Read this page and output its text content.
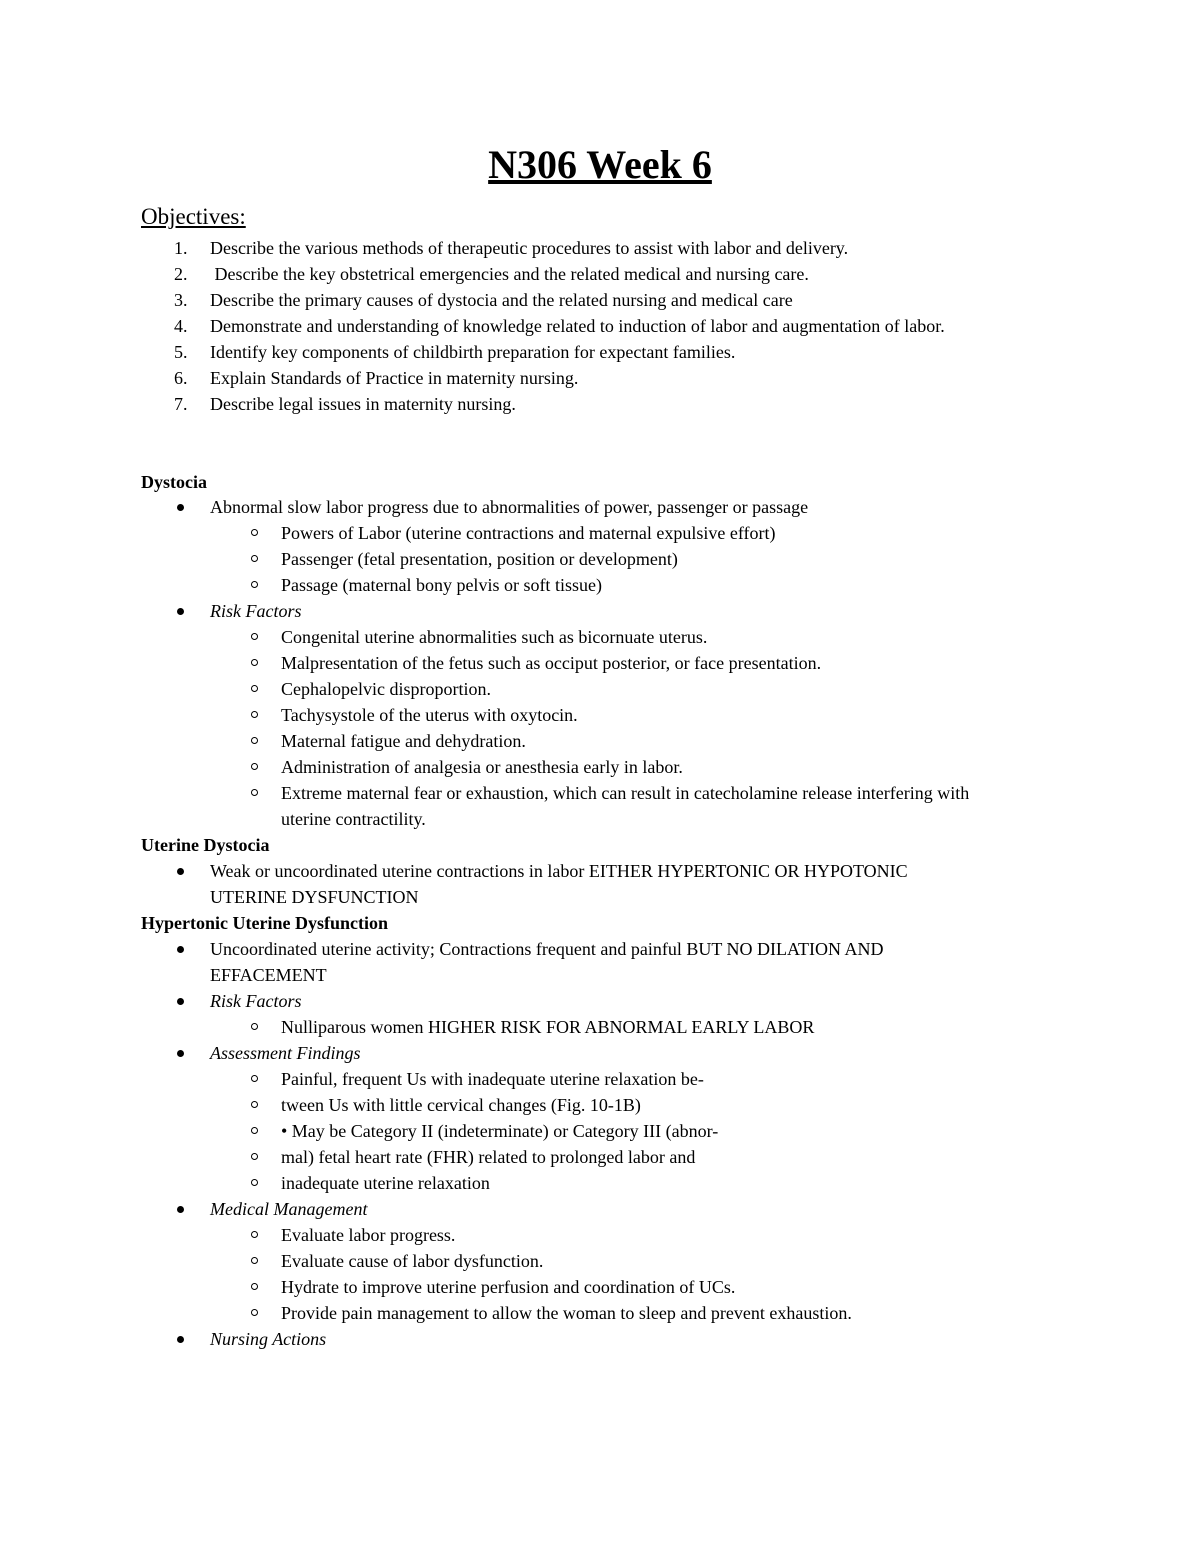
N306 Week 6
Objectives:
1.	Describe the various methods of therapeutic procedures to assist with labor and delivery.
2.	Describe the key obstetrical emergencies and the related medical and nursing care.
3.	Describe the primary causes of dystocia and the related nursing and medical care
4.	Demonstrate and understanding of knowledge related to induction of labor and augmentation of labor.
5.	Identify key components of childbirth preparation for expectant families.
6.	Explain Standards of Practice in maternity nursing.
7.	Describe legal issues in maternity nursing.
Dystocia
Abnormal slow labor progress due to abnormalities of power, passenger or passage
Powers of Labor (uterine contractions and maternal expulsive effort)
Passenger (fetal presentation, position or development)
Passage (maternal bony pelvis or soft tissue)
Risk Factors
Congenital uterine abnormalities such as bicornuate uterus.
Malpresentation of the fetus such as occiput posterior, or face presentation.
Cephalopelvic disproportion.
Tachysystole of the uterus with oxytocin.
Maternal fatigue and dehydration.
Administration of analgesia or anesthesia early in labor.
Extreme maternal fear or exhaustion, which can result in catecholamine release interfering with
uterine contractility.
Uterine Dystocia
Weak or uncoordinated uterine contractions in labor EITHER HYPERTONIC OR HYPOTONIC
UTERINE DYSFUNCTION
Hypertonic Uterine Dysfunction
Uncoordinated uterine activity; Contractions frequent and painful BUT NO DILATION AND
EFFACEMENT
Risk Factors
Nulliparous women HIGHER RISK FOR ABNORMAL EARLY LABOR
Assessment Findings
Painful, frequent Us with inadequate uterine relaxation be-
tween Us with little cervical changes (Fig. 10-1B)
• May be Category II (indeterminate) or Category III (abnor-
mal) fetal heart rate (FHR) related to prolonged labor and
inadequate uterine relaxation
Medical Management
Evaluate labor progress.
Evaluate cause of labor dysfunction.
Hydrate to improve uterine perfusion and coordination of UCs.
Provide pain management to allow the woman to sleep and prevent exhaustion.
Nursing Actions
